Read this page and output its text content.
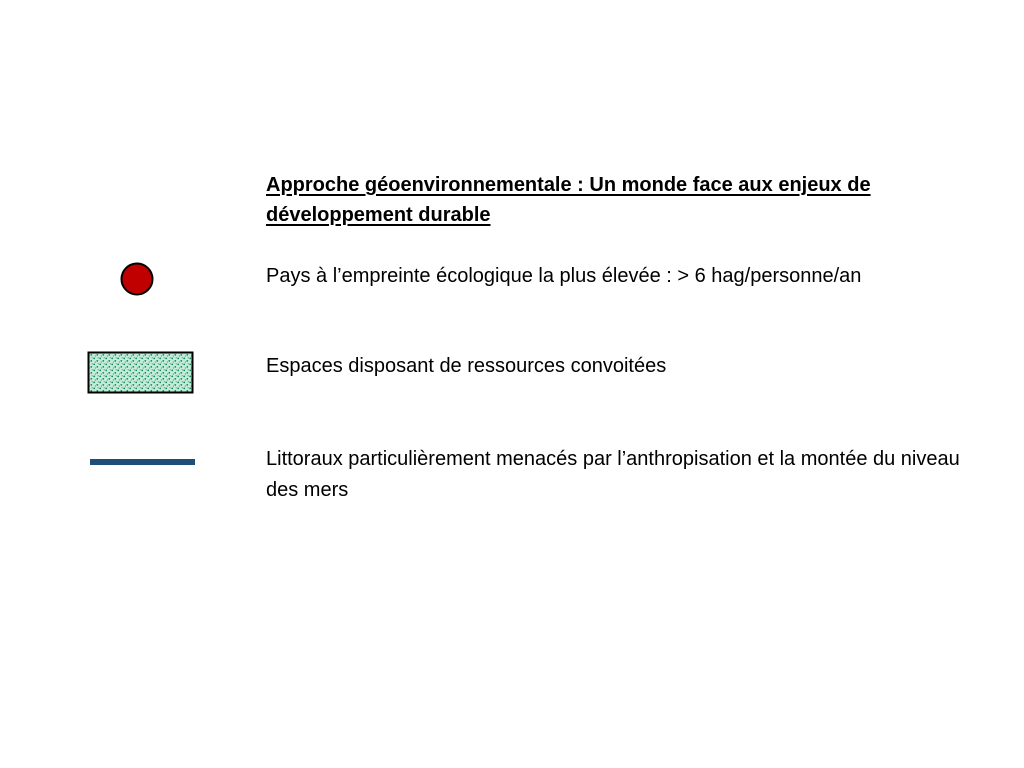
Approche géoenvironnementale : Un monde face aux enjeux de développement durable
Pays à l’empreinte écologique la plus élevée : > 6 hag/personne/an
Espaces disposant de ressources convoitées
Littoraux particulièrement menacés par l’anthropisation et la montée du niveau des mers
